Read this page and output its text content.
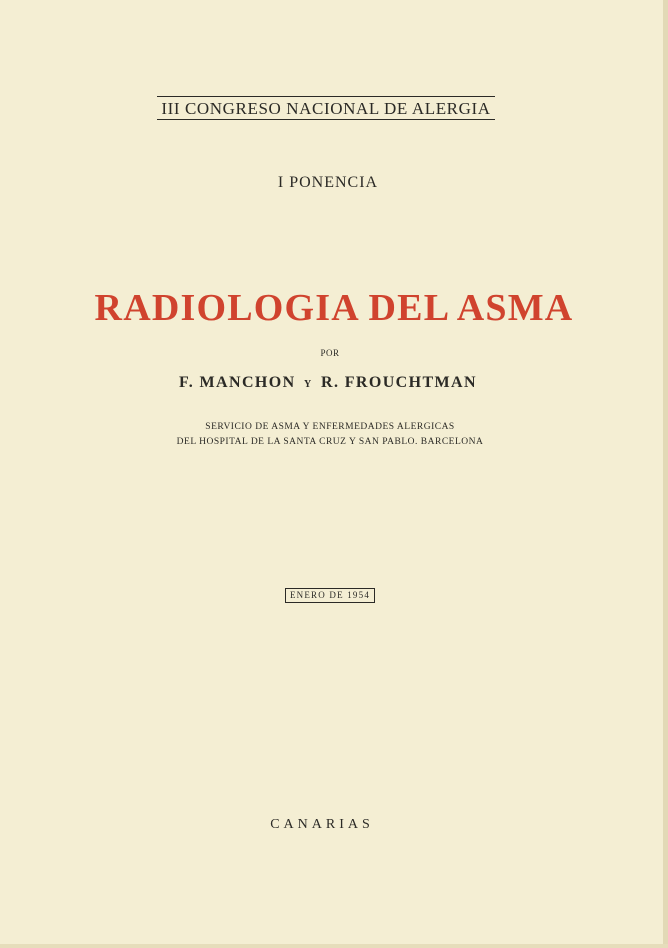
III CONGRESO NACIONAL DE ALERGIA
I PONENCIA
RADIOLOGIA DEL ASMA
POR
F. MANCHON Y R. FROUCHTMAN
SERVICIO DE ASMA Y ENFERMEDADES ALERGICAS
DEL HOSPITAL DE LA SANTA CRUZ Y SAN PABLO. BARCELONA
ENERO DE 1954
CANARIAS
